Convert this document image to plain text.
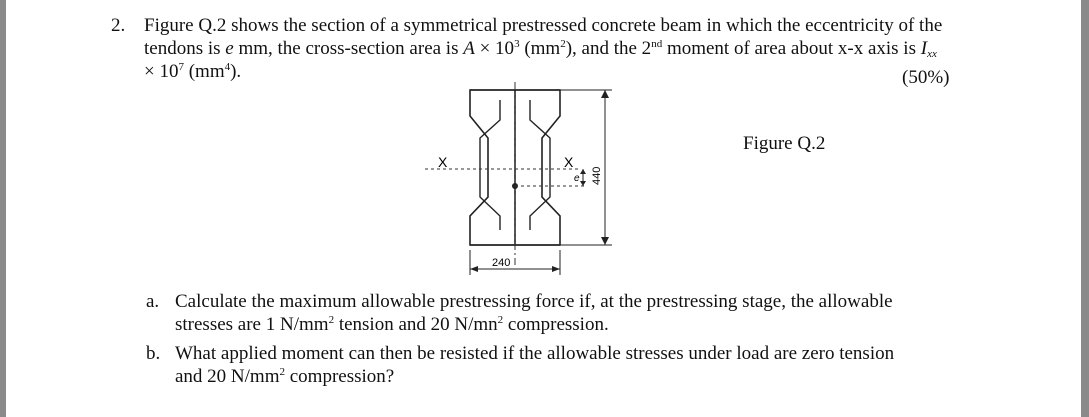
2. Figure Q.2 shows the section of a symmetrical prestressed concrete beam in which the eccentricity of the
tendons is e mm, the cross-section area is $A \times 10^3$ $(mm^2)$, and the 2nd moment of area about x-x axis is $I_{xx}$
× $10^7$ $(mm^4)$.	(50%)
Figure Q.2
X	X
e 440
240
a. Calculate the maximum allowable prestressing force if, at the prestressing stage, the allowable
stresses are 1 $N/mm^2$ tension and 20 $N/mn^2$ compression.
b. What applied moment can then be resisted if the allowable stresses under load are zero tension
and 20 $N/mm^2$ compression?
